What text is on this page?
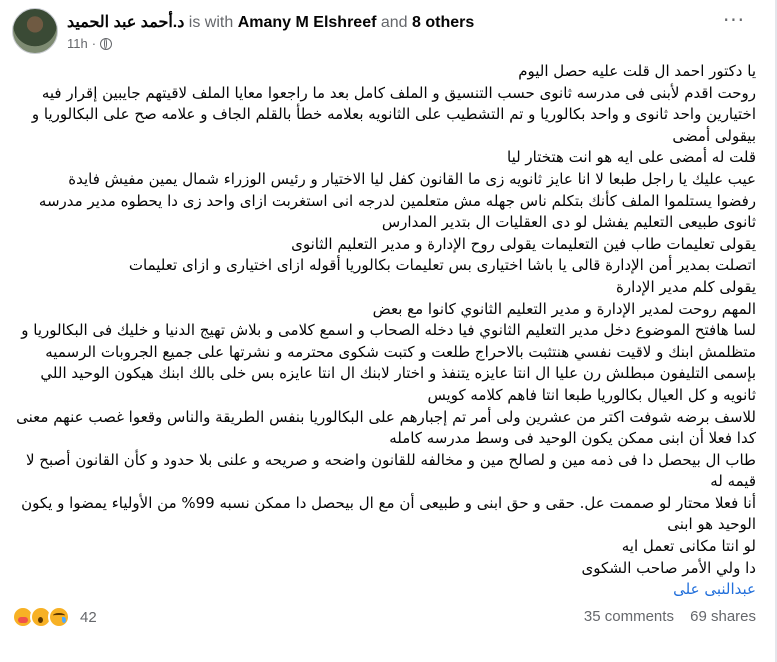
د.أحمد عبد الحميد is with Amany M Elshreef and 8 others
11h ·
···

يا دكتور احمد ال قلت عليه حصل اليوم

روحت اقدم لأبنى فى مدرسه ثانوى حسب التنسيق و الملف كامل بعد ما راجعوا معايا الملف لاقيتهم جايبين إقرار فيه اختيارين واحد ثانوى و واحد بكالوريا و تم التشطيب على الثانويه بعلامه خطأ بالقلم الجاف و علامه صح على البكالوريا و بيقولى أمضى

قلت له أمضى على ايه هو انت هتختار ليا

عيب عليك يا راجل طبعا لا انا عايز ثانويه زى ما القانون كفل ليا الاختيار و رئيس الوزراء شمال يمين مفيش فايدة

رفضوا يستلموا الملف كأنك بتكلم ناس جهله مش متعلمين لدرجه انى استغربت ازاى واحد زى دا يحطوه مدير مدرسه ثانوى طبيعى التعليم يفشل لو دى العقليات ال بتدير المدارس

يقولى تعليمات طاب فين التعليمات يقولى روح الإدارة و مدير التعليم الثانوى

اتصلت بمدير أمن الإدارة قالى يا باشا اختيارى بس تعليمات بكالوريا أقوله ازاى اختيارى و ازاى تعليمات

يقولى كلم مدير الإدارة

المهم روحت لمدير الإدارة و مدير التعليم الثانوي كانوا مع بعض

لسا هافتح الموضوع دخل مدير التعليم الثانوي فيا دخله الصحاب و اسمع كلامى و بلاش تهيج الدنيا و خليك فى البكالوريا و متظلمش ابنك و لاقيت نفسي هنتثبت بالاحراج طلعت و كتبت شكوى محترمه و نشرتها على جميع الجروبات الرسميه بإسمى التليفون مبطلش رن عليا ال انتا عايزه يتنفذ و اختار لابنك ال انتا عايزه بس خلى بالك ابنك هيكون الوحيد اللي ثانويه و كل العيال بكالوريا طبعا انتا فاهم كلامه كويس

للاسف برضه شوفت اكتر من عشرين ولى أمر تم إجبارهم على البكالوريا بنفس الطريقة والناس وقعوا غصب عنهم معنى كدا فعلا أن ابنى ممكن يكون الوحيد فى وسط مدرسه كامله

طاب ال بيحصل دا فى ذمه مين و لصالح مين و مخالفه للقانون واضحه و صريحه و علنى بلا حدود و كأن القانون أصبح لا قيمه له

أنا فعلا محتار لو صممت عل. حقى و حق ابنى و طبيعى أن مع ال بيحصل دا ممكن نسبه 99% من الأولياء يمضوا و يكون الوحيد هو ابنى

لو انتا مكانى تعمل ايه

دا ولي الأمر صاحب الشكوى

عبدالنبى على

42	35 comments 69 shares
